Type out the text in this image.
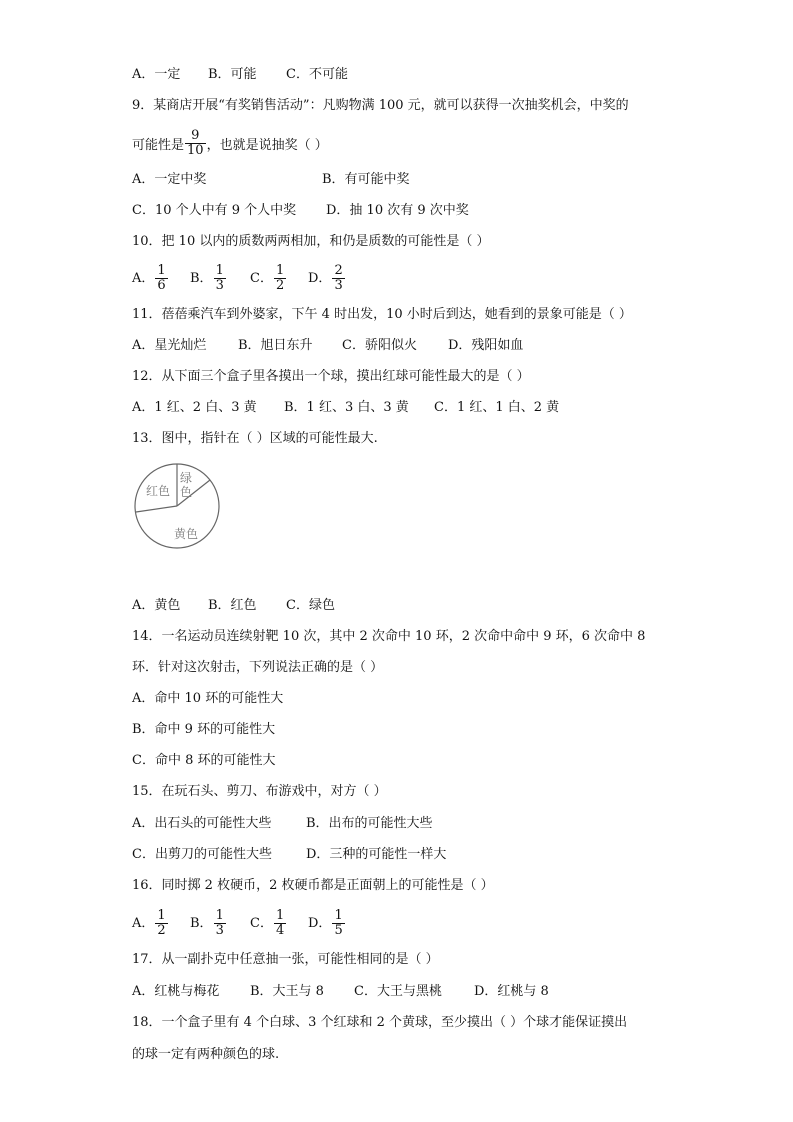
A．一定 B．可能 C．不可能
9．某商店开展“有奖销售活动”：凡购物满 100 元，就可以获得一次抽奖机会，中奖的
可能性是 $\frac{9}{10}$ ，也就是说抽奖（ ）
A．一定中奖	B．有可能中奖
C．10 个人中有 9 个人中奖 D．抽 10 次有 9 次中奖
10．把 10 以内的质数两两相加，和仍是质数的可能性是（ ）
A． $\frac{1}{6}$ B． $\frac{1}{3}$ C． $\frac{1}{2}$ D． $\frac{2}{3}$
11．蓓蓓乘汽车到外婆家，下午 4 时出发，10 小时后到达，她看到的景象可能是（ ）
A．星光灿烂 B．旭日东升 C．骄阳似火 D．残阳如血
12．从下面三个盒子里各摸出一个球，摸出红球可能性最大的是（ ）
A．1 红、2 白、3 黄 B．1 红、3 白、3 黄 C．1 红、1 白、2 黄
13．图中，指针在（ ）区域的可能性最大.
红色
绿
色
黄色
A．黄色 B．红色 C．绿色
14．一名运动员连续射靶 10 次，其中 2 次命中 10 环，2 次命中命中 9 环，6 次命中 8
环．针对这次射击，下列说法正确的是（ ）
A．命中 10 环的可能性大
B．命中 9 环的可能性大
C．命中 8 环的可能性大
15．在玩石头、剪刀、布游戏中，对方（ ）
A．出石头的可能性大些	B．出布的可能性大些
C．出剪刀的可能性大些	D．三种的可能性一样大
16．同时掷 2 枚硬币，2 枚硬币都是正面朝上的可能性是（ ）
A． $\frac{1}{2}$ B． $\frac{1}{3}$ C． $\frac{1}{4}$ D． $\frac{1}{5}$
17．从一副扑克中任意抽一张，可能性相同的是（ ）
A．红桃与梅花 B．大王与 8 C．大王与黑桃 D．红桃与 8
18．一个盒子里有 4 个白球、3 个红球和 2 个黄球，至少摸出（ ）个球才能保证摸出
的球一定有两种颜色的球.
